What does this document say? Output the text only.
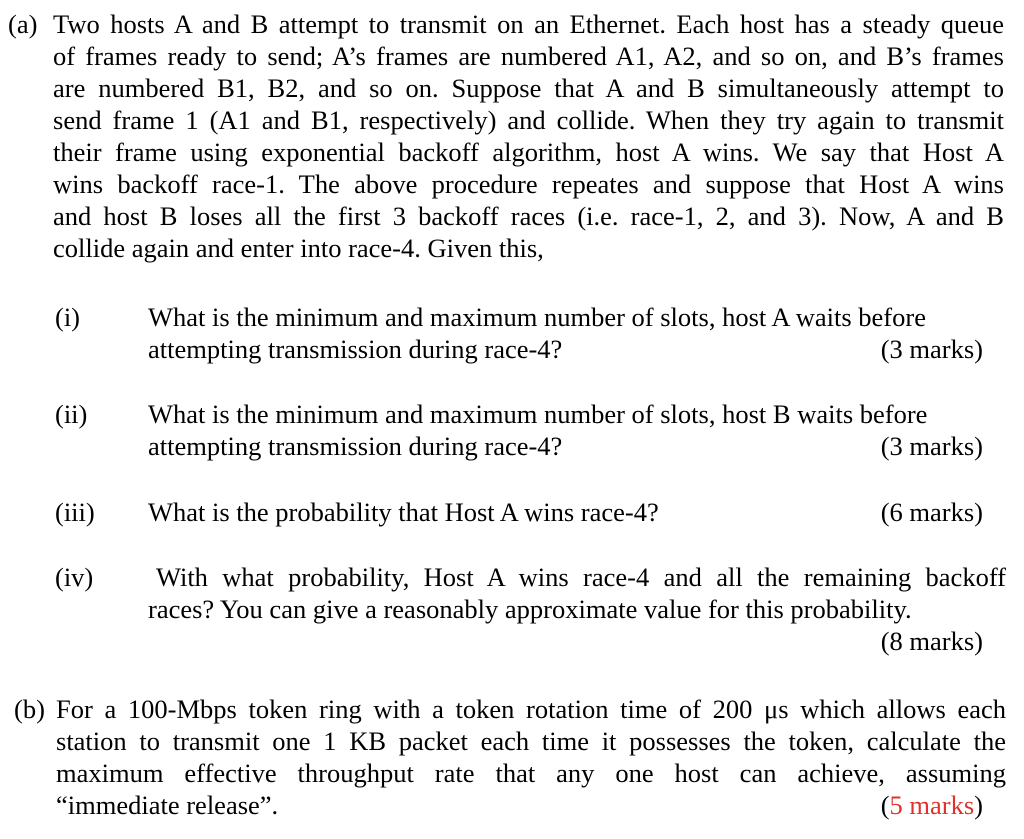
(a) Two hosts A and B attempt to transmit on an Ethernet. Each host has a steady queue
of frames ready to send; A’s frames are numbered A1, A2, and so on, and B’s frames
are numbered B1, B2, and so on. Suppose that A and B simultaneously attempt to
send frame 1 (A1 and B1, respectively) and collide. When they try again to transmit
their frame using exponential backoff algorithm, host A wins. We say that Host A
wins backoff race-1. The above procedure repeates and suppose that Host A wins
and host B loses all the first 3 backoff races (i.e. race-1, 2, and 3). Now, A and B
collide again and enter into race-4. Given this,
(i)	What is the minimum and maximum number of slots, host A waits before
attempting transmission during race-4?	(3 marks)
(ii) What is the minimum and maximum number of slots, host B waits before
attempting transmission during race-4?	(3 marks)
(iii) What is the probability that Host A wins race-4?	(6 marks)
(iv) With what probability, Host A wins race-4 and all the remaining backoff
races? You can give a reasonably approximate value for this probability.
(8 marks)
(b) For a 100-Mbps token ring with a token rotation time of 200 μs which allows each
station to transmit one 1 KB packet each time it possesses the token, calculate the
maximum effective throughput rate that any one host can achieve, assuming
“immediate release”.	(5 marks)
